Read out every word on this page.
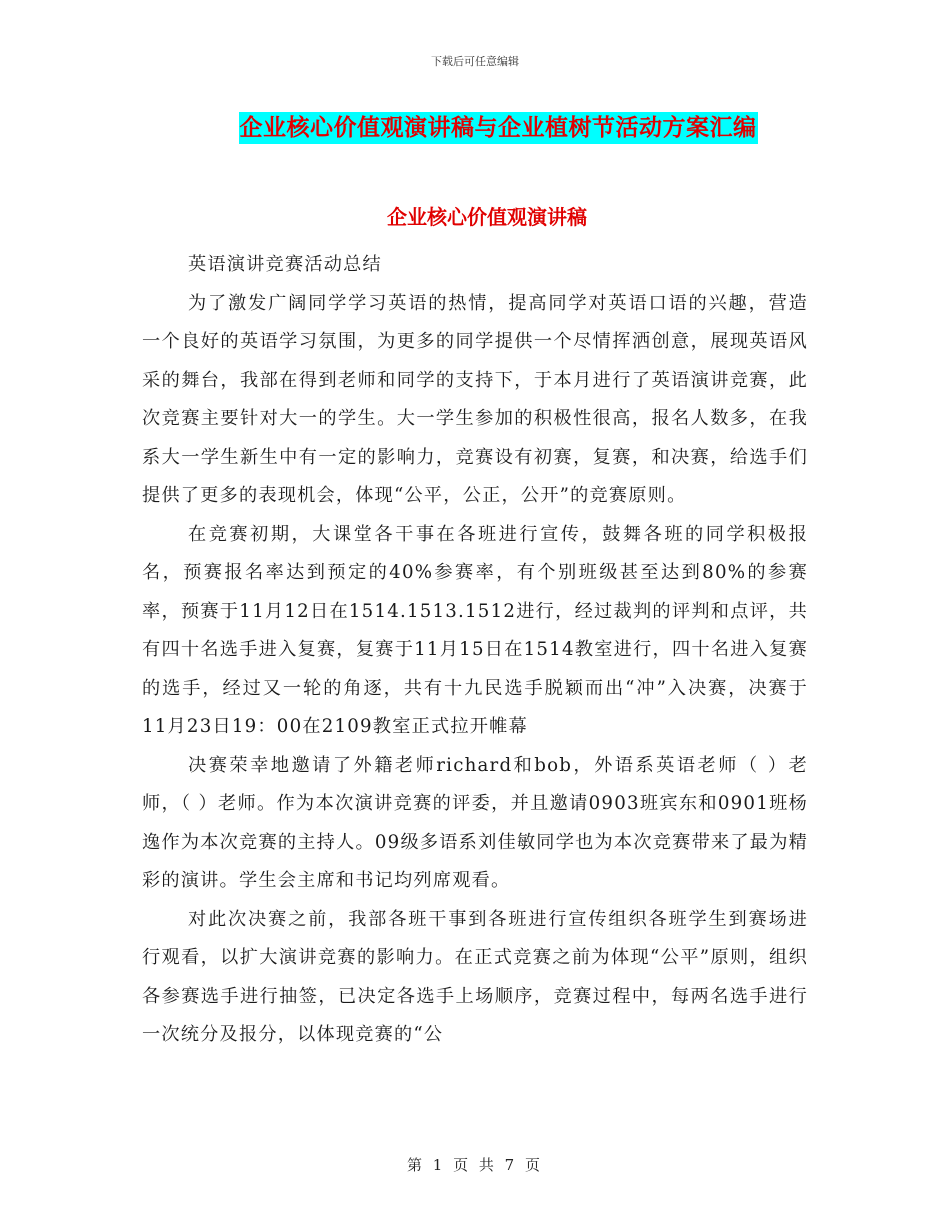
下载后可任意编辑
企业核心价值观演讲稿与企业植树节活动方案汇编
企业核心价值观演讲稿

英语演讲竞赛活动总结

为了激发广阔同学学习英语的热情，提高同学对英语口语的兴趣，营造一个良好的英语学习氛围，为更多的同学提供一个尽情挥洒创意，展现英语风采的舞台，我部在得到老师和同学的支持下，于本月进行了英语演讲竞赛，此次竞赛主要针对大一的学生。大一学生参加的积极性很高，报名人数多，在我系大一学生新生中有一定的影响力，竞赛设有初赛，复赛，和决赛，给选手们提供了更多的表现机会，体现“公平，公正，公开”的竞赛原则。

在竞赛初期，大课堂各干事在各班进行宣传，鼓舞各班的同学积极报名，预赛报名率达到预定的40%参赛率，有个别班级甚至达到80%的参赛率，预赛于11月12日在1514.1513.1512进行，经过裁判的评判和点评，共有四十名选手进入复赛，复赛于11月15日在1514教室进行，四十名进入复赛的选手，经过又一轮的角逐，共有十九民选手脱颖而出“冲”入决赛，决赛于11月23日19：00在2109教室正式拉开帷幕

决赛荣幸地邀请了外籍老师richard和bob，外语系英语老师（ ）老师，（ ）老师。作为本次演讲竞赛的评委，并且邀请0903班宾东和0901班杨逸作为本次竞赛的主持人。09级多语系刘佳敏同学也为本次竞赛带来了最为精彩的演讲。学生会主席和书记均列席观看。

对此次决赛之前，我部各班干事到各班进行宣传组织各班学生到赛场进行观看，以扩大演讲竞赛的影响力。在正式竞赛之前为体现“公平”原则，组织各参赛选手进行抽签，已决定各选手上场顺序，竞赛过程中，每两名选手进行一次统分及报分，以体现竞赛的“公

第 1 页 共 7 页
